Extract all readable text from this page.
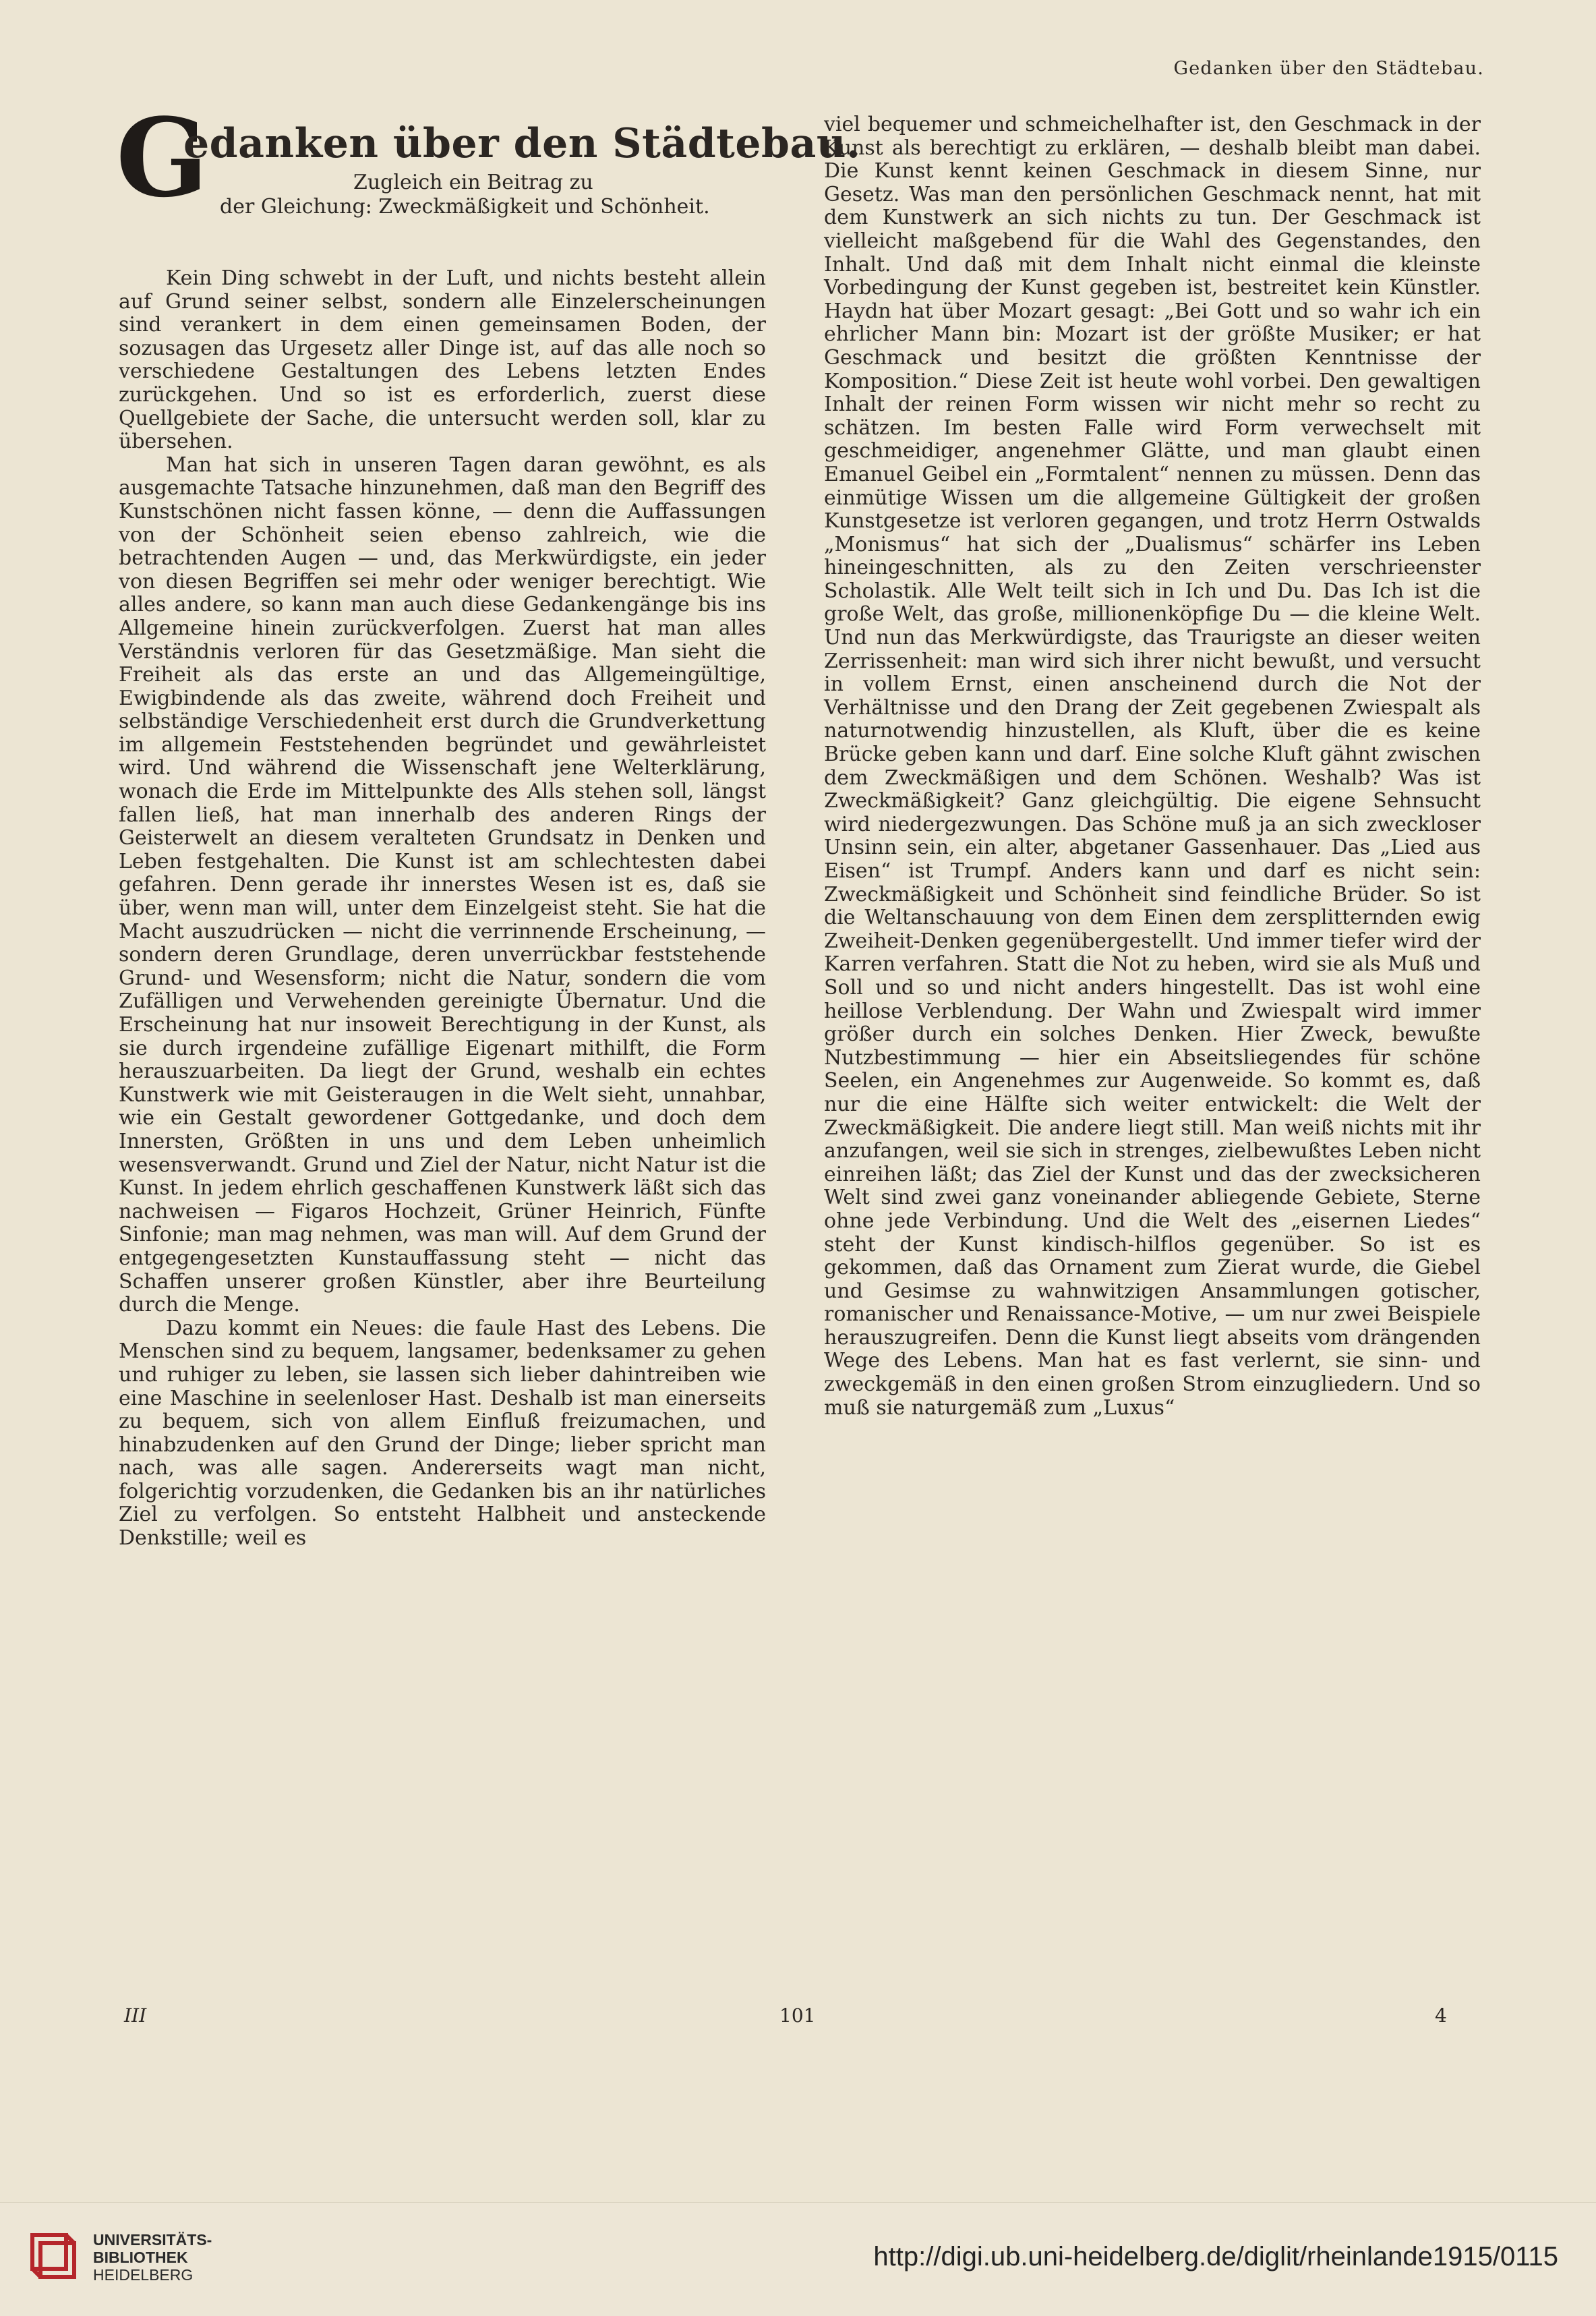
Gedanken über den Städtebau.
G
edanken über den Städtebau.
Zugleich ein Beitrag zu
der Gleichung: Zweckmäßigkeit und Schönheit.

Kein Ding schwebt in der Luft, und nichts besteht allein auf Grund seiner selbst, sondern alle Einzelerscheinungen sind verankert in dem einen gemeinsamen Boden, der sozusagen das Urgesetz aller Dinge ist, auf das alle noch so verschiedene Gestaltungen des Lebens letzten Endes zurückgehen. Und so ist es erforderlich, zuerst diese Quellgebiete der Sache, die untersucht werden soll, klar zu übersehen.

Man hat sich in unseren Tagen daran gewöhnt, es als ausgemachte Tatsache hinzunehmen, daß man den Begriff des Kunstschönen nicht fassen könne, — denn die Auffassungen von der Schönheit seien ebenso zahlreich, wie die betrachtenden Augen — und, das Merkwürdigste, ein jeder von diesen Begriffen sei mehr oder weniger berechtigt. Wie alles andere, so kann man auch diese Gedankengänge bis ins Allgemeine hinein zurückverfolgen. Zuerst hat man alles Verständnis verloren für das Gesetzmäßige. Man sieht die Freiheit als das erste an und das Allgemeingültige, Ewigbindende als das zweite, während doch Freiheit und selbständige Verschiedenheit erst durch die Grundverkettung im allgemein Feststehenden begründet und gewährleistet wird. Und während die Wissenschaft jene Welterklärung, wonach die Erde im Mittelpunkte des Alls stehen soll, längst fallen ließ, hat man innerhalb des anderen Rings der Geisterwelt an diesem veralteten Grundsatz in Denken und Leben festgehalten. Die Kunst ist am schlechtesten dabei gefahren. Denn gerade ihr innerstes Wesen ist es, daß sie über, wenn man will, unter dem Einzelgeist steht. Sie hat die Macht auszudrücken — nicht die verrinnende Erscheinung, — sondern deren Grundlage, deren unverrückbar feststehende Grund- und Wesensform; nicht die Natur, sondern die vom Zufälligen und Verwehenden gereinigte Übernatur. Und die Erscheinung hat nur insoweit Berechtigung in der Kunst, als sie durch irgendeine zufällige Eigenart mithilft, die Form herauszuarbeiten. Da liegt der Grund, weshalb ein echtes Kunstwerk wie mit Geisteraugen in die Welt sieht, unnahbar, wie ein Gestalt gewordener Gottgedanke, und doch dem Innersten, Größten in uns und dem Leben unheimlich wesensverwandt. Grund und Ziel der Natur, nicht Natur ist die Kunst. In jedem ehrlich geschaffenen Kunstwerk läßt sich das nachweisen — Figaros Hochzeit, Grüner Heinrich, Fünfte Sinfonie; man mag nehmen, was man will. Auf dem Grund der entgegengesetzten Kunstauffassung steht — nicht das Schaffen unserer großen Künstler, aber ihre Beurteilung durch die Menge.

Dazu kommt ein Neues: die faule Hast des Lebens. Die Menschen sind zu bequem, langsamer, bedenksamer zu gehen und ruhiger zu leben, sie lassen sich lieber dahintreiben wie eine Maschine in seelenloser Hast. Deshalb ist man einerseits zu bequem, sich von allem Einfluß freizumachen, und hinabzudenken auf den Grund der Dinge; lieber spricht man nach, was alle sagen. Andererseits wagt man nicht, folgerichtig vorzudenken, die Gedanken bis an ihr natürliches Ziel zu verfolgen. So entsteht Halbheit und ansteckende Denkstille; weil es

viel bequemer und schmeichelhafter ist, den Geschmack in der Kunst als berechtigt zu erklären, — deshalb bleibt man dabei. Die Kunst kennt keinen Geschmack in diesem Sinne, nur Gesetz. Was man den persönlichen Geschmack nennt, hat mit dem Kunstwerk an sich nichts zu tun. Der Geschmack ist vielleicht maßgebend für die Wahl des Gegenstandes, den Inhalt. Und daß mit dem Inhalt nicht einmal die kleinste Vorbedingung der Kunst gegeben ist, bestreitet kein Künstler. Haydn hat über Mozart gesagt: „Bei Gott und so wahr ich ein ehrlicher Mann bin: Mozart ist der größte Musiker; er hat Geschmack und besitzt die größten Kenntnisse der Komposition.“ Diese Zeit ist heute wohl vorbei. Den gewaltigen Inhalt der reinen Form wissen wir nicht mehr so recht zu schätzen. Im besten Falle wird Form verwechselt mit geschmeidiger, angenehmer Glätte, und man glaubt einen Emanuel Geibel ein „Formtalent“ nennen zu müssen. Denn das einmütige Wissen um die allgemeine Gültigkeit der großen Kunstgesetze ist verloren gegangen, und trotz Herrn Ostwalds „Monismus“ hat sich der „Dualismus“ schärfer ins Leben hineingeschnitten, als zu den Zeiten verschrieenster Scholastik. Alle Welt teilt sich in Ich und Du. Das Ich ist die große Welt, das große, millionenköpfige Du — die kleine Welt. Und nun das Merkwürdigste, das Traurigste an dieser weiten Zerrissenheit: man wird sich ihrer nicht bewußt, und versucht in vollem Ernst, einen anscheinend durch die Not der Verhältnisse und den Drang der Zeit gegebenen Zwiespalt als naturnotwendig hinzustellen, als Kluft, über die es keine Brücke geben kann und darf. Eine solche Kluft gähnt zwischen dem Zweckmäßigen und dem Schönen. Weshalb? Was ist Zweckmäßigkeit? Ganz gleichgültig. Die eigene Sehnsucht wird niedergezwungen. Das Schöne muß ja an sich zweckloser Unsinn sein, ein alter, abgetaner Gassenhauer. Das „Lied aus Eisen“ ist Trumpf. Anders kann und darf es nicht sein: Zweckmäßigkeit und Schönheit sind feindliche Brüder. So ist die Weltanschauung von dem Einen dem zersplitternden ewig Zweiheit-Denken gegenübergestellt. Und immer tiefer wird der Karren verfahren. Statt die Not zu heben, wird sie als Muß und Soll und so und nicht anders hingestellt. Das ist wohl eine heillose Verblendung. Der Wahn und Zwiespalt wird immer größer durch ein solches Denken. Hier Zweck, bewußte Nutzbestimmung — hier ein Abseitsliegendes für schöne Seelen, ein Angenehmes zur Augenweide. So kommt es, daß nur die eine Hälfte sich weiter entwickelt: die Welt der Zweckmäßigkeit. Die andere liegt still. Man weiß nichts mit ihr anzufangen, weil sie sich in strenges, zielbewußtes Leben nicht einreihen läßt; das Ziel der Kunst und das der zwecksicheren Welt sind zwei ganz voneinander abliegende Gebiete, Sterne ohne jede Verbindung. Und die Welt des „eisernen Liedes“ steht der Kunst kindisch-hilflos gegenüber. So ist es gekommen, daß das Ornament zum Zierat wurde, die Giebel und Gesimse zu wahnwitzigen Ansammlungen gotischer, romanischer und Renaissance-Motive, — um nur zwei Beispiele herauszugreifen. Denn die Kunst liegt abseits vom drängenden Wege des Lebens. Man hat es fast verlernt, sie sinn- und zweckgemäß in den einen großen Strom einzugliedern. Und so muß sie naturgemäß zum „Luxus“

III	101	4
UNIVERSITÄTS-
BIBLIOTHEK
HEIDELBERG
http://digi.ub.uni-heidelberg.de/diglit/rheinlande1915/0115
